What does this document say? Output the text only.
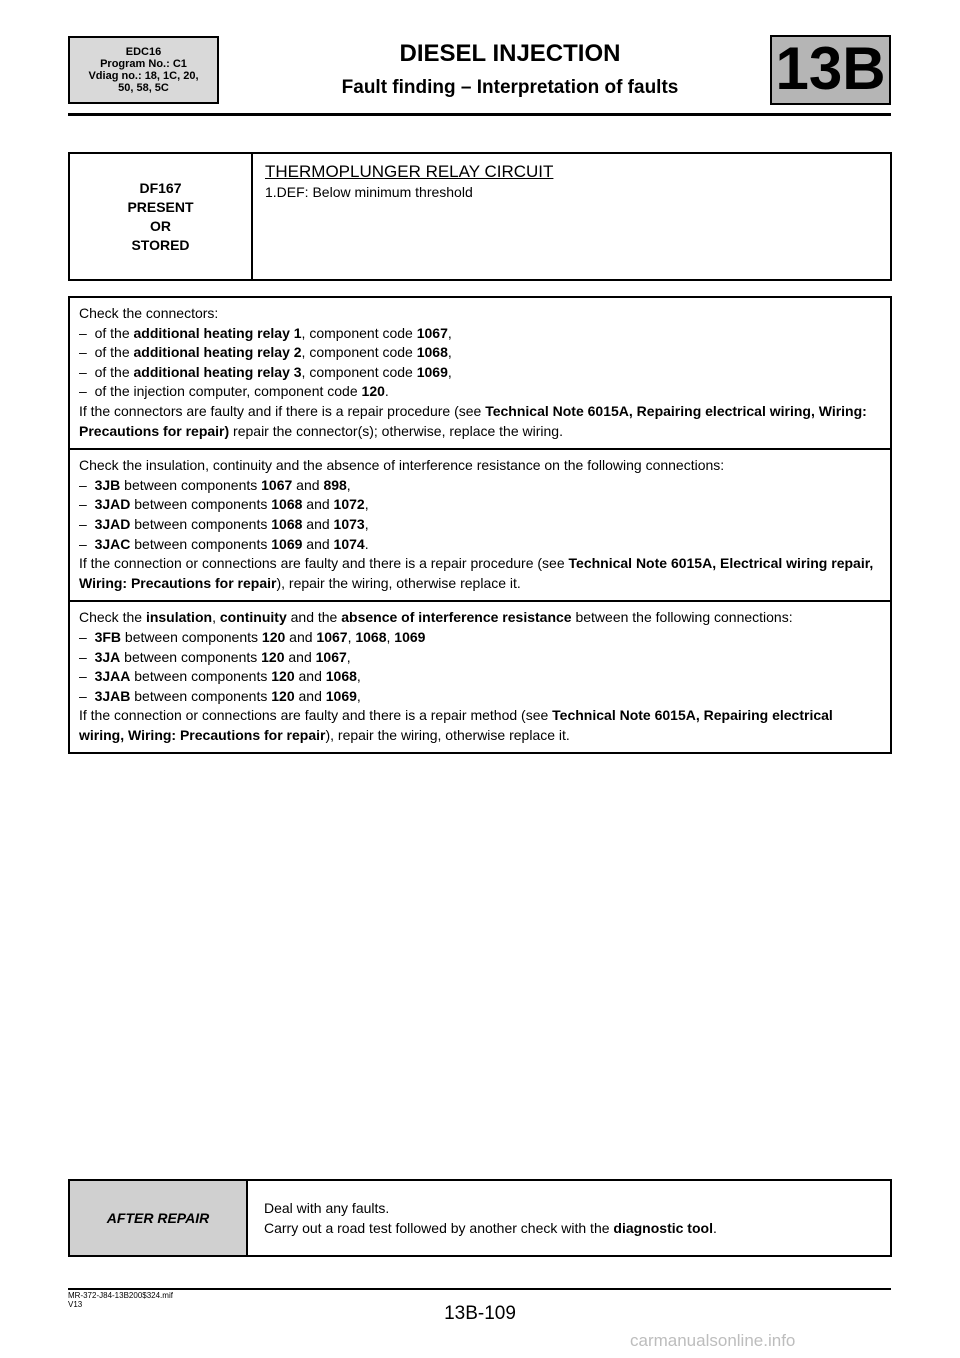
EDC16
Program No.: C1
Vdiag no.: 18, 1C, 20,
50, 58, 5C
DIESEL INJECTION
Fault finding – Interpretation of faults	13B
DF167
PRESENT
OR
STORED
THERMOPLUNGER RELAY CIRCUIT
1.DEF: Below minimum threshold

Check the connectors:

–  of the additional heating relay 1, component code 1067,
–  of the additional heating relay 2, component code 1068,
–  of the additional heating relay 3, component code 1069,
–  of the injection computer, component code 120.

If the connectors are faulty and if there is a repair procedure (see Technical Note 6015A, Repairing electrical wiring, Wiring: Precautions for repair) repair the connector(s); otherwise, replace the wiring.

Check the insulation, continuity and the absence of interference resistance on the following connections:

–  3JB between components 1067 and 898,
–  3JAD between components 1068 and 1072,
–  3JAD between components 1068 and 1073,
–  3JAC between components 1069 and 1074.

If the connection or connections are faulty and there is a repair procedure (see Technical Note 6015A, Electrical wiring repair, Wiring: Precautions for repair), repair the wiring, otherwise replace it.

Check the insulation, continuity and the absence of interference resistance between the following connections:

–  3FB between components 120 and 1067, 1068, 1069
–  3JA between components 120 and 1067,
–  3JAA between components 120 and 1068,
–  3JAB between components 120 and 1069,

If the connection or connections are faulty and there is a repair method (see Technical Note 6015A, Repairing electrical wiring, Wiring: Precautions for repair), repair the wiring, otherwise replace it.

AFTER REPAIR
Deal with any faults.
Carry out a road test followed by another check with the diagnostic tool.
MR-372-J84-13B200$324.mif
V13	13B-109
carmanualsonline.info
